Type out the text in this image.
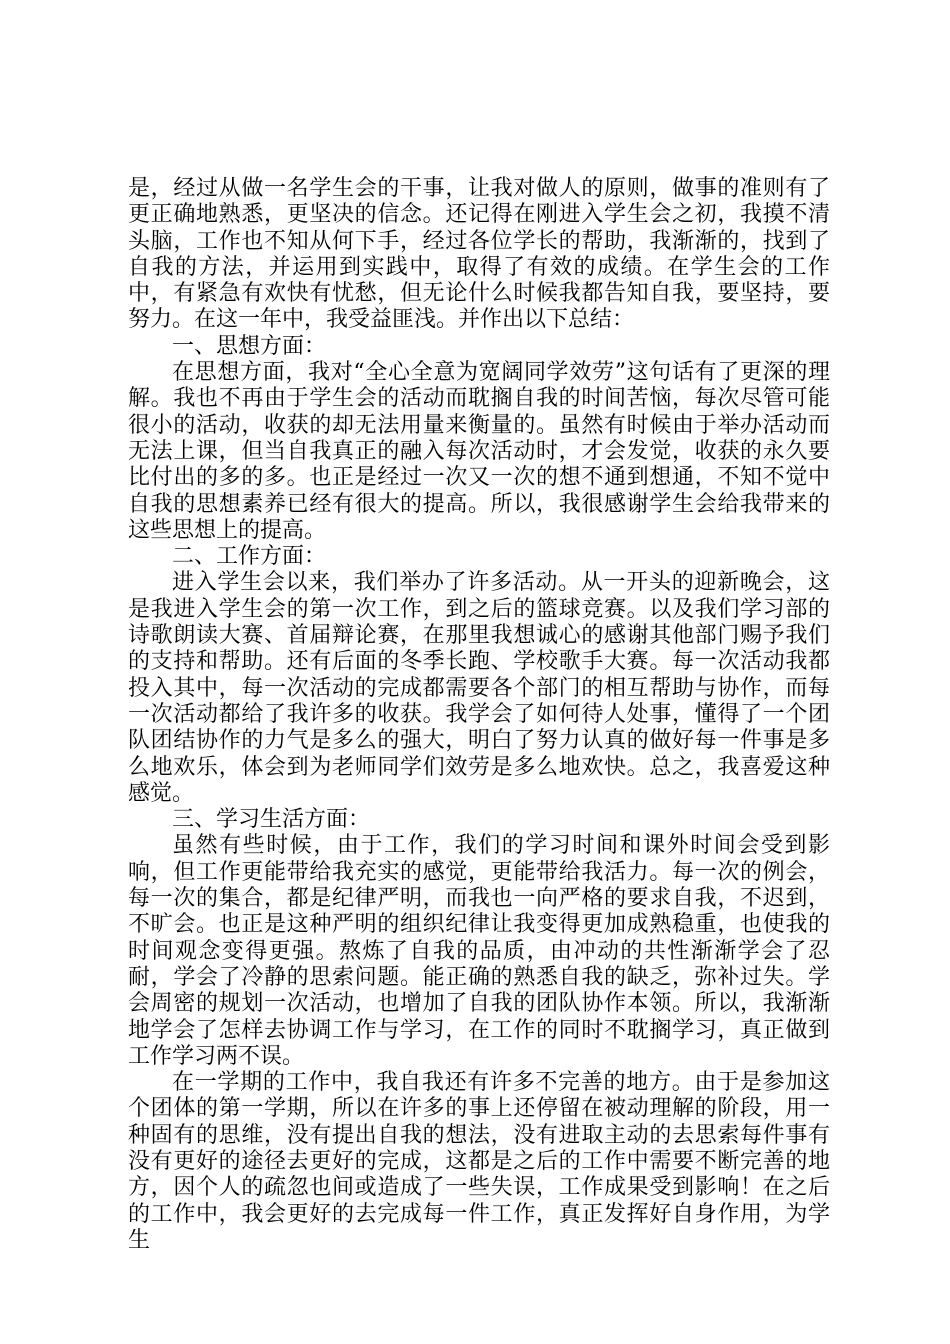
是，经过从做一名学生会的干事，让我对做人的原则，做事的准则有了更正确地熟悉，更坚决的信念。还记得在刚进入学生会之初，我摸不清头脑，工作也不知从何下手，经过各位学长的帮助，我渐渐的，找到了自我的方法，并运用到实践中，取得了有效的成绩。在学生会的工作中，有紧急有欢快有忧愁，但无论什么时候我都告知自我，要坚持，要努力。在这一年中，我受益匪浅。并作出以下总结：

一、思想方面：

在思想方面，我对“全心全意为宽阔同学效劳”这句话有了更深的理解。我也不再由于学生会的活动而耽搁自我的时间苦恼，每次尽管可能很小的活动，收获的却无法用量来衡量的。虽然有时候由于举办活动而无法上课，但当自我真正的融入每次活动时，才会发觉，收获的永久要比付出的多的多。也正是经过一次又一次的想不通到想通，不知不觉中自我的思想素养已经有很大的提高。所以，我很感谢学生会给我带来的这些思想上的提高。

二、工作方面：

进入学生会以来，我们举办了许多活动。从一开头的迎新晚会，这是我进入学生会的第一次工作，到之后的篮球竞赛。以及我们学习部的诗歌朗读大赛、首届辩论赛，在那里我想诚心的感谢其他部门赐予我们的支持和帮助。还有后面的冬季长跑、学校歌手大赛。每一次活动我都投入其中，每一次活动的完成都需要各个部门的相互帮助与协作，而每一次活动都给了我许多的收获。我学会了如何待人处事，懂得了一个团队团结协作的力气是多么的强大，明白了努力认真的做好每一件事是多么地欢乐，体会到为老师同学们效劳是多么地欢快。总之，我喜爱这种感觉。

三、学习生活方面：

虽然有些时候，由于工作，我们的学习时间和课外时间会受到影响，但工作更能带给我充实的感觉，更能带给我活力。每一次的例会，每一次的集合，都是纪律严明，而我也一向严格的要求自我，不迟到，不旷会。也正是这种严明的组织纪律让我变得更加成熟稳重，也使我的时间观念变得更强。熬炼了自我的品质，由冲动的共性渐渐学会了忍耐，学会了冷静的思索问题。能正确的熟悉自我的缺乏，弥补过失。学会周密的规划一次活动，也增加了自我的团队协作本领。所以，我渐渐地学会了怎样去协调工作与学习，在工作的同时不耽搁学习，真正做到工作学习两不误。

在一学期的工作中，我自我还有许多不完善的地方。由于是参加这个团体的第一学期，所以在许多的事上还停留在被动理解的阶段，用一种固有的思维，没有提出自我的想法，没有进取主动的去思索每件事有没有更好的途径去更好的完成，这都是之后的工作中需要不断完善的地方，因个人的疏忽也间或造成了一些失误，工作成果受到影响！在之后的工作中，我会更好的去完成每一件工作，真正发挥好自身作用，为学生
